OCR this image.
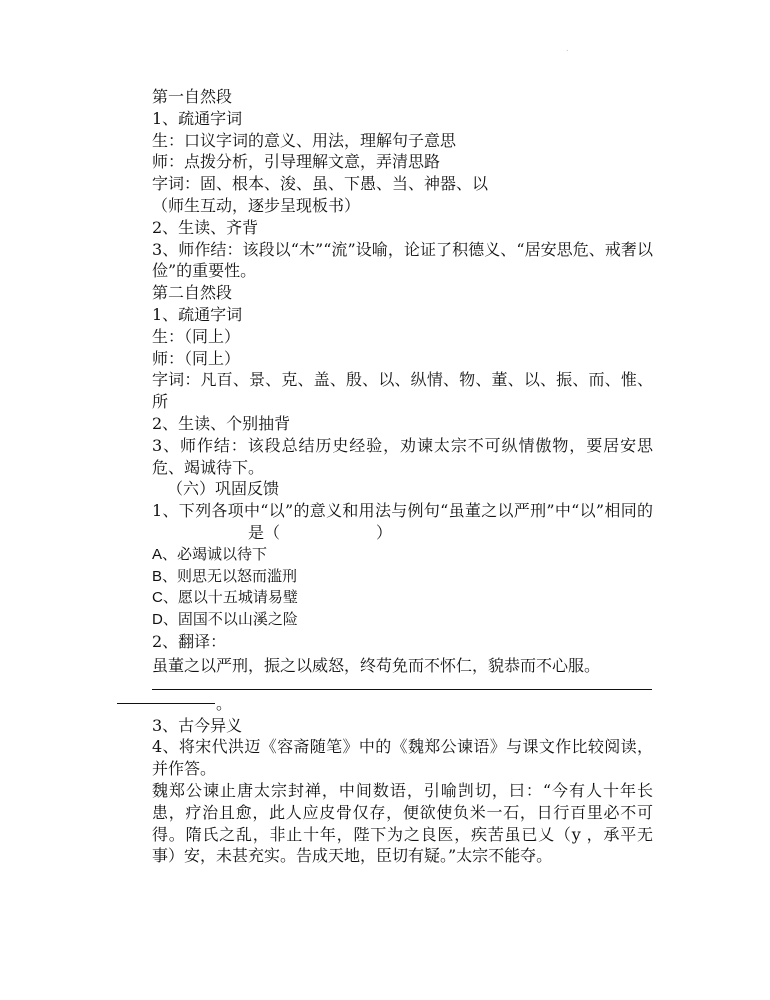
.

第一自然段

1、疏通字词

生：口议字词的意义、用法，理解句子意思

师：点拨分析，引导理解文意，弄清思路

字词：固、根本、浚、虽、下愚、当、神器、以

（师生互动，逐步呈现板书）

2、生读、齐背

3、师作结：该段以“木”“流”设喻，论证了积德义、“居安思危、戒奢以俭”的重要性。

第二自然段

1、疏通字词

生：（同上）

师：（同上）

字词：凡百、景、克、盖、殷、以、纵情、物、董、以、振、而、惟、所

2、生读、个别抽背

3、师作结：该段总结历史经验，劝谏太宗不可纵情傲物，要居安思危、竭诚待下。

（六）巩固反馈

1、下列各项中“以”的意义和用法与例句“虽董之以严刑”中“以”相同的是（	）

A、必竭诚以待下

B、则思无以怒而滥刑

C、愿以十五城请易璧

D、固国不以山溪之险

2、翻译：

虽董之以严刑，振之以威怒，终苟免而不怀仁，貌恭而不心服。

。

3、古今异义

4、将宋代洪迈《容斋随笔》中的《魏郑公谏语》与课文作比较阅读，并作答。

魏郑公谏止唐太宗封禅，中间数语，引喻剀切，曰：“今有人十年长患，疗治且愈，此人应皮骨仅存，便欲使负米一石，日行百里必不可得。隋氏之乱，非止十年，陛下为之良医，疾苦虽已乂（y ，承平无事）安，未甚充实。告成天地，臣切有疑。”太宗不能夺。
